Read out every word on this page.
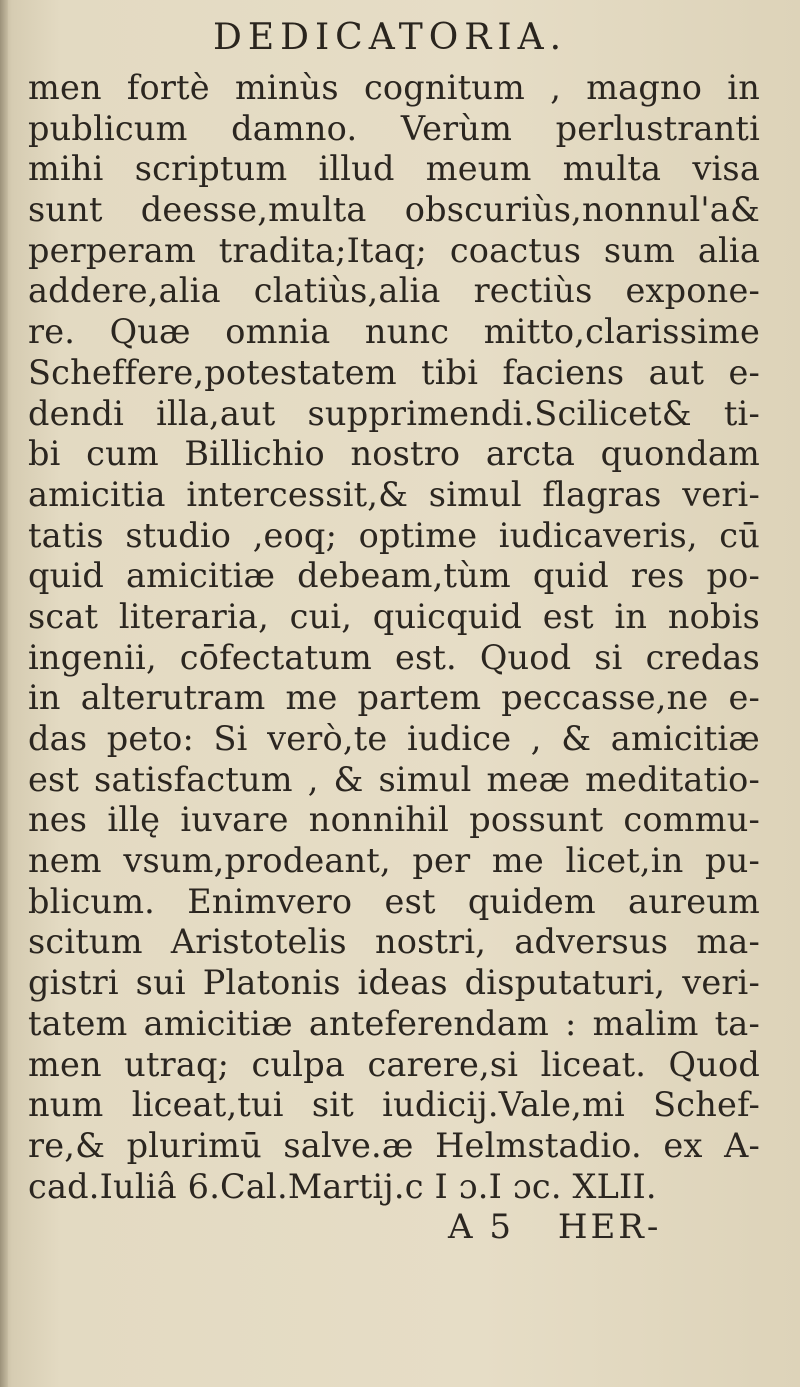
DEDICATORIA.
men fortè minùs cognitum , magno in
publicum damno. Verùm perlustranti
mihi scriptum illud meum multa visa
sunt deesse,multa obscuriùs,nonnul'a&
perperam tradita;Itaq; coactus sum alia
addere,alia clatiùs,alia rectiùs expone-
re. Quæ omnia nunc mitto,clarissime
Scheffere,potestatem tibi faciens aut e-
dendi illa,aut supprimendi.Scilicet& ti-
bi cum Billichio nostro arcta quondam
amicitia intercessit,& simul flagras veri-
tatis studio ,eoq; optime iudicaveris, cū
quid amicitiæ debeam,tùm quid res po-
scat literaria, cui, quicquid est in nobis
ingenii, cōfectatum est. Quod si credas
in alterutram me partem peccasse,ne e-
das peto: Si verò,te iudice , & amicitiæ
est satisfactum , & simul meæ meditatio-
nes illę iuvare nonnihil possunt commu-
nem vsum,prodeant, per me licet,in pu-
blicum. Enimvero est quidem aureum
scitum Aristotelis nostri, adversus ma-
gistri sui Platonis ideas disputaturi, veri-
tatem amicitiæ anteferendam : malim ta-
men utraq; culpa carere,si liceat. Quod
num liceat,tui sit iudicij.Vale,mi Schef-
re,& plurimū salve.æ Helmstadio. ex A-
cad.Iuliâ 6.Cal.Martij.c I ɔ.I ɔc. XLII.
A 5 HER-
